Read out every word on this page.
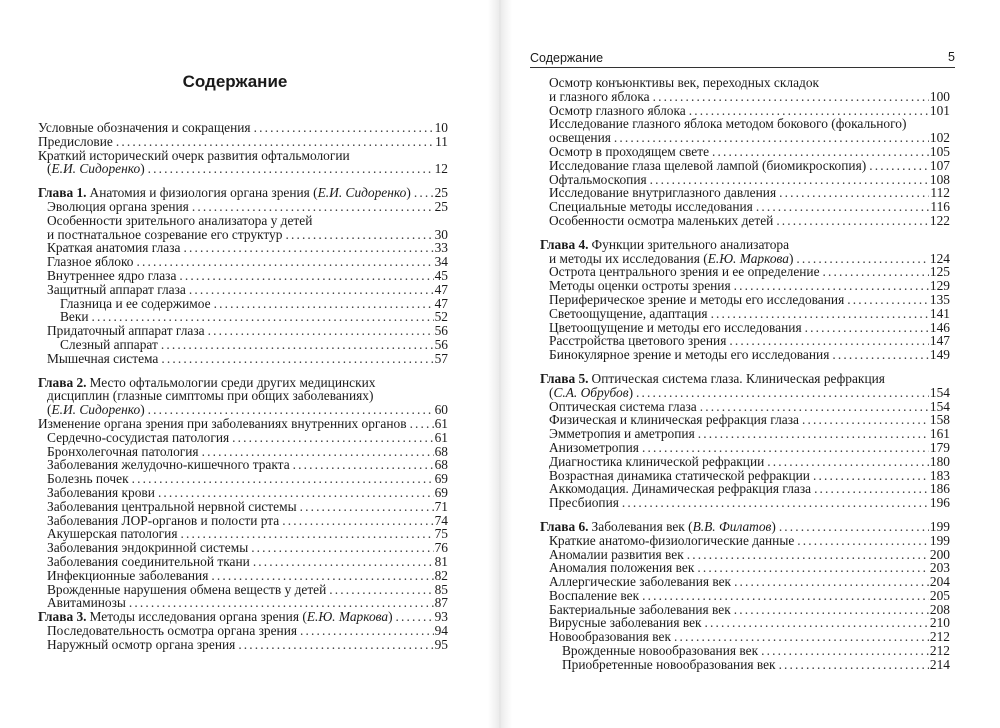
Содержание
Условные обозначения и сокращения . . .	10
Предисловие . . .	11
Краткий исторический очерк развития офтальмологии
(Е.И. Сидоренко) . . .	12
Глава 1. Анатомия и физиология органа зрения (Е.И. Сидоренко) . . . 25
Эволюция органа зрения . . .	25
Особенности зрительного анализатора у детей
и постнатальное созревание его структур . . .	30
Краткая анатомия глаза . . .	33
Глазное яблоко . . .	34
Внутреннее ядро глаза . . .	45
Защитный аппарат глаза . . .	47
Глазница и ее содержимое . . .	47
Веки . . .	52
Придаточный аппарат глаза . . .	56
Слезный аппарат . . .	56
Мышечная система . . .	57
Глава 2. Место офтальмологии среди других медицинских
дисциплин (глазные симптомы при общих заболеваниях)
(Е.И. Сидоренко) . . .	60
Изменение органа зрения при заболеваниях внутренних органов . . . 61
Сердечно-сосудистая патология . . .	61
Бронхолегочная патология . . .	68
Заболевания желудочно-кишечного тракта . . .	68
Болезнь почек . . .	69
Заболевания крови . . .	69
Заболевания центральной нервной системы . . .	71
Заболевания ЛОР-органов и полости рта . . .	74
Акушерская патология . . .	75
Заболевания эндокринной системы . . .	76
Заболевания соединительной ткани . . .	81
Инфекционные заболевания . . .	82
Врожденные нарушения обмена веществ у детей . . .	85
Авитаминозы . . .	87
Глава 3. Методы исследования органа зрения (Е.Ю. Маркова) . . .	93
Последовательность осмотра органа зрения . . .	94
Наружный осмотр органа зрения . . .	95
Содержание	5
Осмотр конъюнктивы век, переходных складок
и глазного яблока . . .	100
Осмотр глазного яблока . . .	101
Исследование глазного яблока методом бокового (фокального)
освещения . . .	102
Осмотр в проходящем свете . . .	105
Исследование глаза щелевой лампой (биомикроскопия) . . .	107
Офтальмоскопия . . .	108
Исследование внутриглазного давления . . .	112
Специальные методы исследования . . .	116
Особенности осмотра маленьких детей . . .	122
Глава 4. Функции зрительного анализатора
и методы их исследования (Е.Ю. Маркова) . . .	124
Острота центрального зрения и ее определение . . .	125
Методы оценки остроты зрения . . .	129
Периферическое зрение и методы его исследования . . .	135
Светоощущение, адаптация . . .	141
Цветоощущение и методы его исследования . . .	146
Расстройства цветового зрения . . .	147
Бинокулярное зрение и методы его исследования . . .	149
Глава 5. Оптическая система глаза. Клиническая рефракция
(С.А. Обрубов) . . .	154
Оптическая система глаза . . .	154
Физическая и клиническая рефракция глаза . . .	158
Эмметропия и аметропия . . .	161
Анизометропия . . .	179
Диагностика клинической рефракции . . .	180
Возрастная динамика статической рефракции . . .	183
Аккомодация. Динамическая рефракция глаза . . .	186
Пресбиопия . . .	196
Глава 6. Заболевания век (В.В. Филатов) . . .	199
Краткие анатомо-физиологические данные . . .	199
Аномалии развития век . . .	200
Аномалия положения век . . .	203
Аллергические заболевания век . . .	204
Воспаление век . . .	205
Бактериальные заболевания век . . .	208
Вирусные заболевания век . . .	210
Новообразования век . . .	212
Врожденные новообразования век . . .	212
Приобретенные новообразования век . . .	214
